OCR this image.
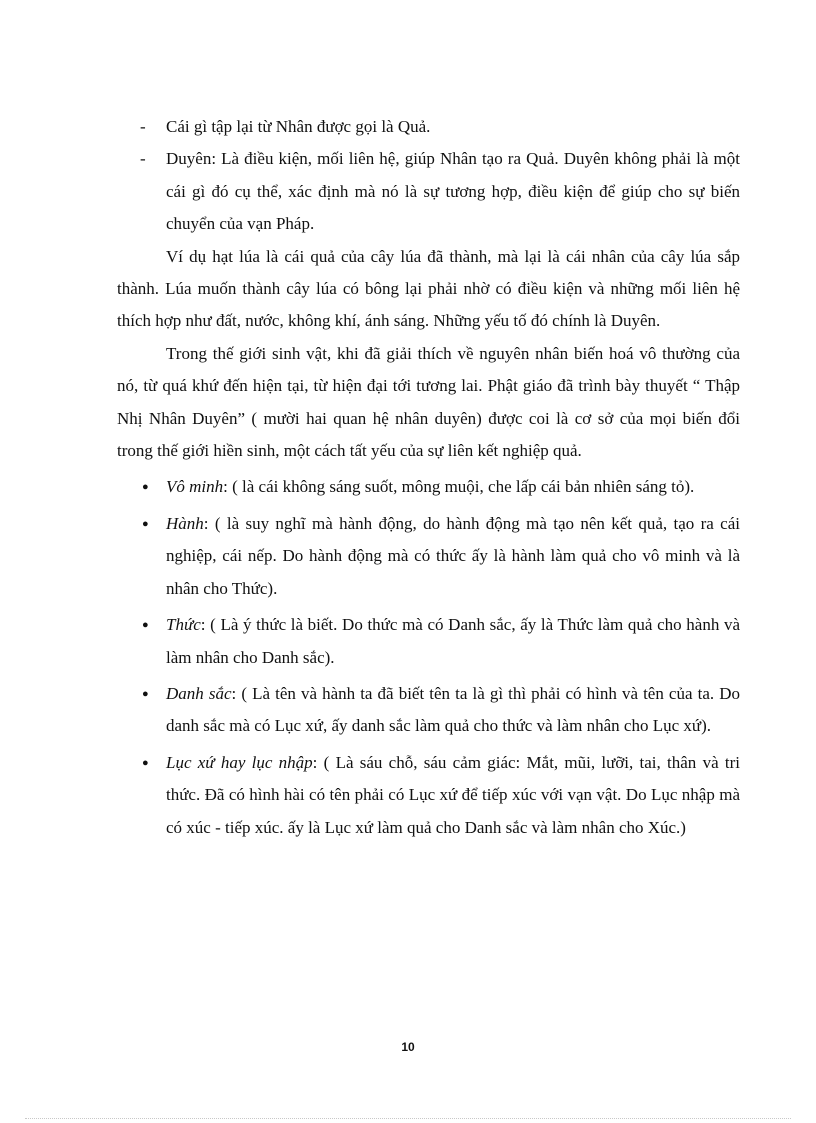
- Cái gì tập lại từ Nhân được gọi là Quả.
- Duyên: Là điều kiện, mối liên hệ, giúp Nhân tạo ra Quả. Duyên không phải là một cái gì đó cụ thể, xác định mà nó là sự tương hợp, điều kiện để giúp cho sự biến chuyển của vạn Pháp.

Ví dụ hạt lúa là cái quả của cây lúa đã thành, mà lại là cái nhân của cây lúa sắp thành. Lúa muốn thành cây lúa có bông lại phải nhờ có điều kiện và những mối liên hệ thích hợp như đất, nước, không khí, ánh sáng. Những yếu tố đó chính là Duyên.

Trong thế giới sinh vật, khi đã giải thích về nguyên nhân biến hoá vô thường của nó, từ quá khứ đến hiện tại, từ hiện đại tới tương lai. Phật giáo đã trình bày thuyết “ Thập Nhị Nhân Duyên” ( mười hai quan hệ nhân duyên) được coi là cơ sở của mọi biến đổi trong thế giới hiền sinh, một cách tất yếu của sự liên kết nghiệp quả.

● Vô minh: ( là cái không sáng suốt, mông muội, che lấp cái bản nhiên sáng tỏ).
● Hành: ( là suy nghĩ mà hành động, do hành động mà tạo nên kết quả, tạo ra cái nghiệp, cái nếp. Do hành động mà có thức ấy là hành làm quả cho vô minh và là nhân cho Thức).
● Thức: ( Là ý thức là biết. Do thức mà có Danh sắc, ấy là Thức làm quả cho hành và làm nhân cho Danh sắc).
● Danh sắc: ( Là tên và hành ta đã biết tên ta là gì thì phải có hình và tên của ta. Do danh sắc mà có Lục xứ, ấy danh sắc làm quả cho thức và làm nhân cho Lục xứ).
● Lục xứ hay lục nhập: ( Là sáu chỗ, sáu cảm giác: Mắt, mũi, lưỡi, tai, thân và tri thức. Đã có hình hài có tên phải có Lục xứ để tiếp xúc với vạn vật. Do Lục nhập mà có xúc - tiếp xúc. ấy là Lục xứ làm quả cho Danh sắc và làm nhân cho Xúc.)
10
